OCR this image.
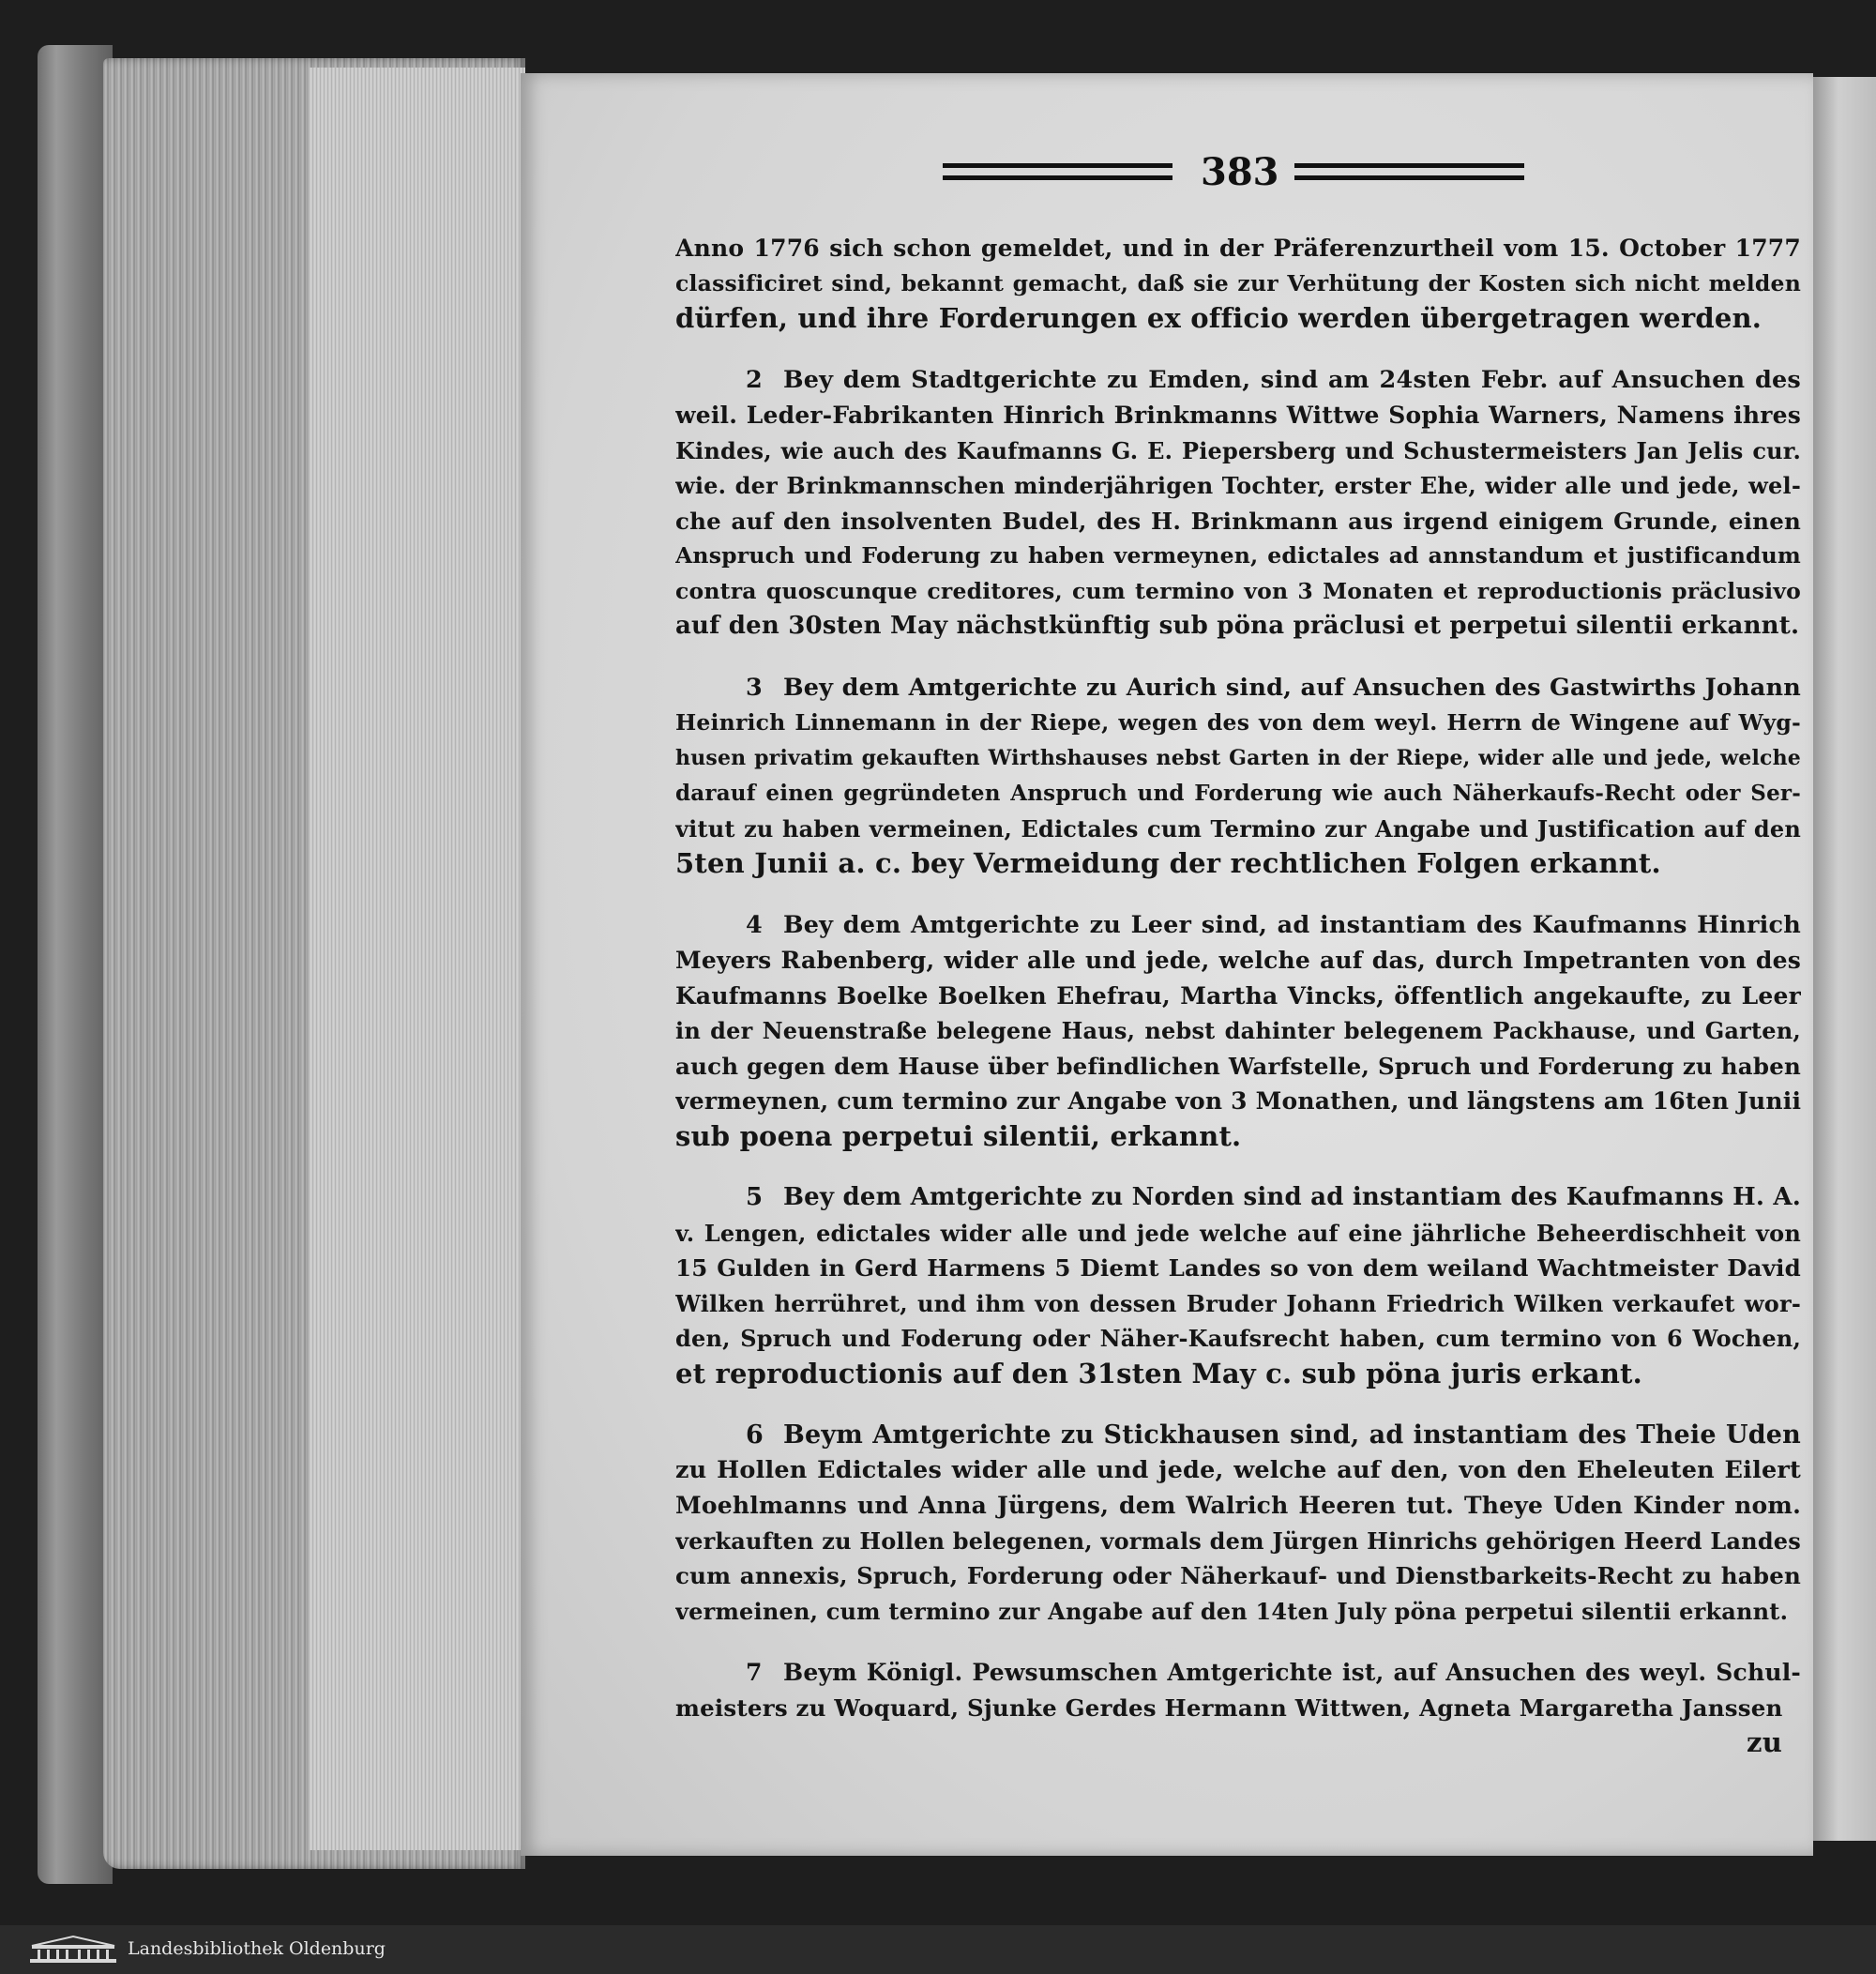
383
Anno 1776 sich schon gemeldet, und in der Präferenzurtheil vom 15. October 1777
classificiret sind, bekannt gemacht, daß sie zur Verhütung der Kosten sich nicht melden
dürfen, und ihre Forderungen ex officio werden übergetragen werden.
2 Bey dem Stadtgerichte zu Emden, sind am 24sten Febr. auf Ansuchen des
weil. Leder-Fabrikanten Hinrich Brinkmanns Wittwe Sophia Warners, Namens ihres
Kindes, wie auch des Kaufmanns G. E. Piepersberg und Schustermeisters Jan Jelis cur.
wie. der Brinkmannschen minderjährigen Tochter, erster Ehe, wider alle und jede, wel-
che auf den insolventen Budel, des H. Brinkmann aus irgend einigem Grunde, einen
Anspruch und Foderung zu haben vermeynen, edictales ad annstandum et justificandum
contra quoscunque creditores, cum termino von 3 Monaten et reproductionis präclusivo
auf den 30sten May nächstkünftig sub pöna präclusi et perpetui silentii erkannt.
3 Bey dem Amtgerichte zu Aurich sind, auf Ansuchen des Gastwirths Johann
Heinrich Linnemann in der Riepe, wegen des von dem weyl. Herrn de Wingene auf Wyg-
husen privatim gekauften Wirthshauses nebst Garten in der Riepe, wider alle und jede, welche
darauf einen gegründeten Anspruch und Forderung wie auch Näherkaufs-Recht oder Ser-
vitut zu haben vermeinen, Edictales cum Termino zur Angabe und Justification auf den
5ten Junii a. c. bey Vermeidung der rechtlichen Folgen erkannt.
4 Bey dem Amtgerichte zu Leer sind, ad instantiam des Kaufmanns Hinrich
Meyers Rabenberg, wider alle und jede, welche auf das, durch Impetranten von des
Kaufmanns Boelke Boelken Ehefrau, Martha Vincks, öffentlich angekaufte, zu Leer
in der Neuenstraße belegene Haus, nebst dahinter belegenem Packhause, und Garten,
auch gegen dem Hause über befindlichen Warfstelle, Spruch und Forderung zu haben
vermeynen, cum termino zur Angabe von 3 Monathen, und längstens am 16ten Junii
sub poena perpetui silentii, erkannt.
5 Bey dem Amtgerichte zu Norden sind ad instantiam des Kaufmanns H. A.
v. Lengen, edictales wider alle und jede welche auf eine jährliche Beheerdischheit von
15 Gulden in Gerd Harmens 5 Diemt Landes so von dem weiland Wachtmeister David
Wilken herrühret, und ihm von dessen Bruder Johann Friedrich Wilken verkaufet wor-
den, Spruch und Foderung oder Näher-Kaufsrecht haben, cum termino von 6 Wochen,
et reproductionis auf den 31sten May c. sub pöna juris erkant.
6 Beym Amtgerichte zu Stickhausen sind, ad instantiam des Theie Uden
zu Hollen Edictales wider alle und jede, welche auf den, von den Eheleuten Eilert
Moehlmanns und Anna Jürgens, dem Walrich Heeren tut. Theye Uden Kinder nom.
verkauften zu Hollen belegenen, vormals dem Jürgen Hinrichs gehörigen Heerd Landes
cum annexis, Spruch, Forderung oder Näherkauf- und Dienstbarkeits-Recht zu haben
vermeinen, cum termino zur Angabe auf den 14ten July pöna perpetui silentii erkannt.
7 Beym Königl. Pewsumschen Amtgerichte ist, auf Ansuchen des weyl. Schul-
meisters zu Woquard, Sjunke Gerdes Hermann Wittwen, Agneta Margaretha Janssen
zu
Landesbibliothek Oldenburg
